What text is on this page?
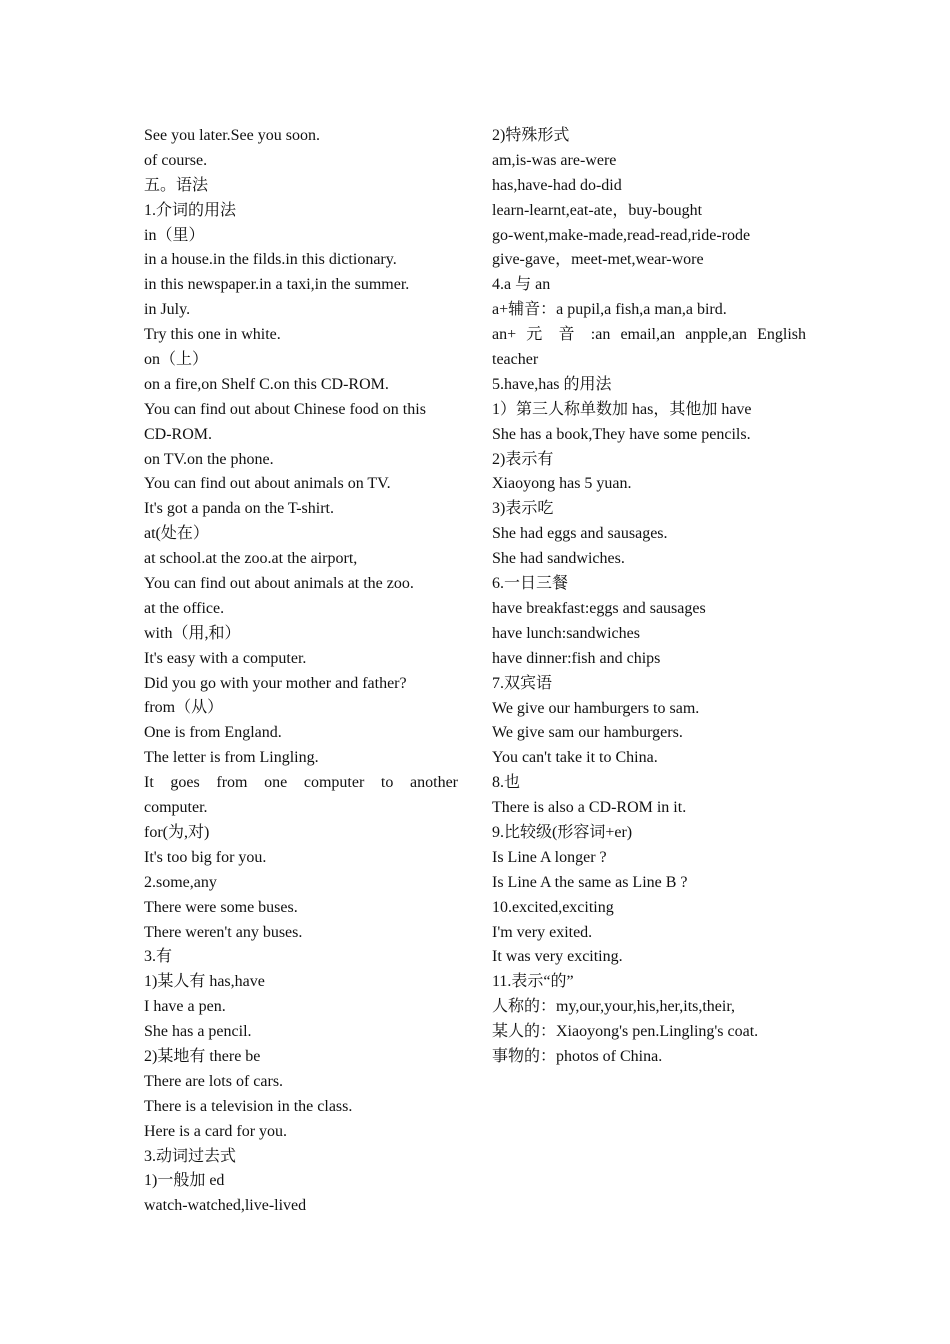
See you later.See you soon.
of course.
五。语法
1.介词的用法
in（里）
in a house.in the filds.in this dictionary.
in this newspaper.in a taxi,in the summer.
in July.
Try this one in white.
on（上）
on a fire,on Shelf C.on this CD-ROM.
You can find out about Chinese food on this
CD-ROM.
on TV.on the phone.
You can find out about animals on TV.
It's got a panda on the T-shirt.
at(处在）
at school.at the zoo.at the airport,
You can find out about animals at the zoo.
at the office.
with（用,和）
It's easy with a computer.
Did you go with your mother and father?
from（从）
One is from England.
The letter is from Lingling.
It goes from one computer to another
computer.
for(为,对)
It's too big for you.
2.some,any
There were some buses.
There weren't any buses.
3.有
1)某人有 has,have
I have a pen.
She has a pencil.
2)某地有 there be
There are lots of cars.
There is a television in the class.
Here is a card for you.
3.动词过去式
1)一般加 ed
watch-watched,live-lived
2)特殊形式
am,is-was are-were
has,have-had do-did
learn-learnt,eat-ate，buy-bought
go-went,make-made,read-read,ride-rode
give-gave，meet-met,wear-wore
4.a 与 an
a+辅音：a pupil,a fish,a man,a bird.
an+ 元 音 :an email,an anpple,an English
teacher
5.have,has 的用法
1）第三人称单数加 has，其他加 have
She has a book,They have some pencils.
2)表示有
Xiaoyong has 5 yuan.
3)表示吃
She had eggs and sausages.
She had sandwiches.
6.一日三餐
have breakfast:eggs and sausages
have lunch:sandwiches
have dinner:fish and chips
7.双宾语
We give our hamburgers to sam.
We give sam our hamburgers.
You can't take it to China.
8.也
There is also a CD-ROM in it.
9.比较级(形容词+er)
Is Line A longer ?
Is Line A the same as Line B ?
10.excited,exciting
I'm very exited.
It was very exciting.
11.表示“的”
人称的：my,our,your,his,her,its,their,
某人的：Xiaoyong's pen.Lingling's coat.
事物的：photos of China.
